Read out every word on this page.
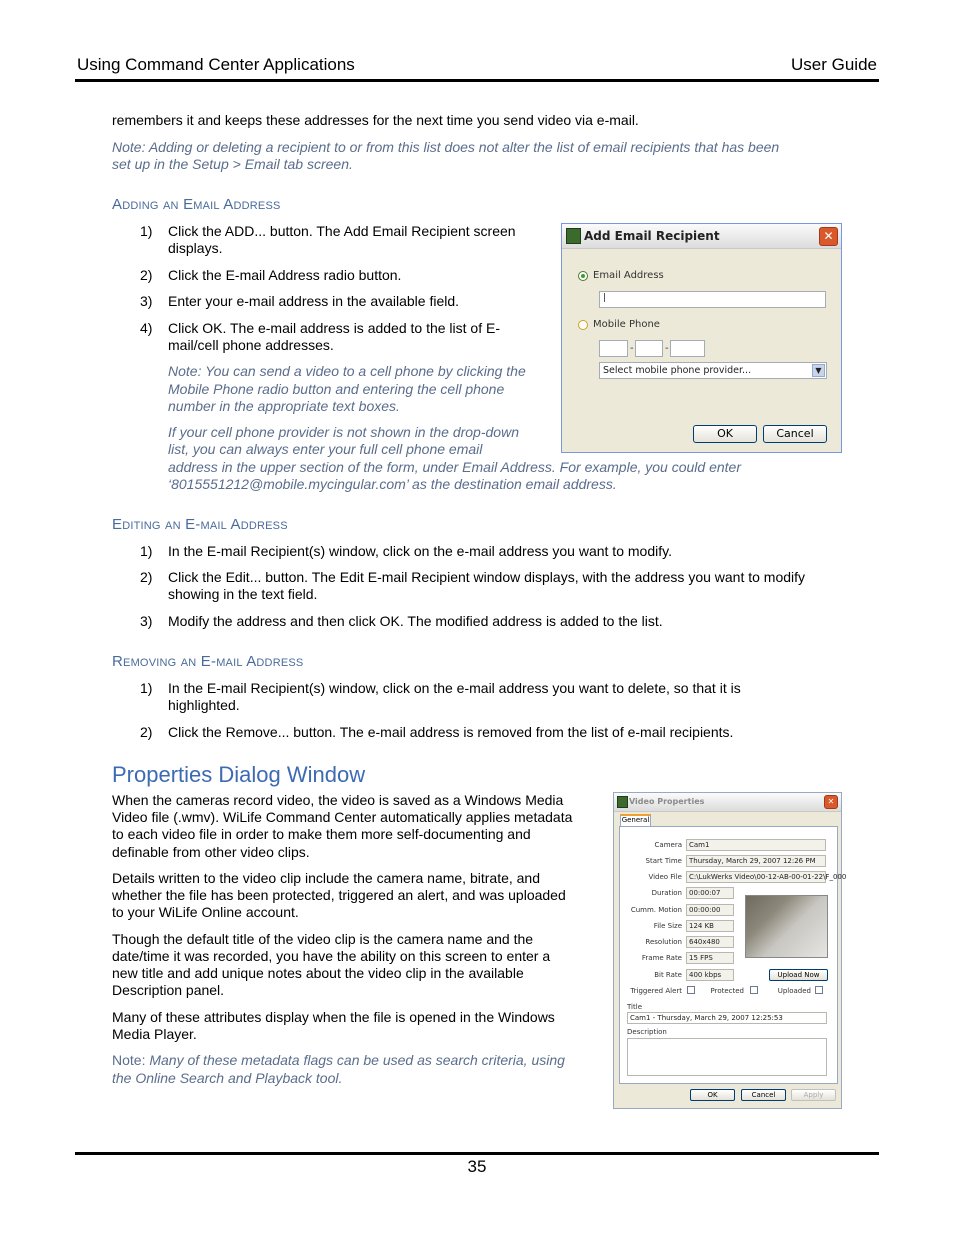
Using Command Center Applications	User Guide
remembers it and keeps these addresses for the next time you send video via e-mail.
Note: Adding or deleting a recipient to or from this list does not alter the list of email recipients that has been
set up in the Setup > Email tab screen.
Adding an Email Address
1) Click the ADD... button. The Add Email Recipient screen
displays.
2) Click the E-mail Address radio button.
3) Enter your e-mail address in the available field.
4) Click OK. The e-mail address is added to the list of E-
mail/cell phone addresses.
Note: You can send a video to a cell phone by clicking the
Mobile Phone radio button and entering the cell phone
number in the appropriate text boxes.
If your cell phone provider is not shown in the drop-down
list, you can always enter your full cell phone email
address in the upper section of the form, under Email Address. For example, you could enter
‘8015551212@mobile.mycingular.com’ as the destination email address.
Add Email Recipient	✕
Email Address
|
Mobile Phone
-	-
Select mobile phone provider...	▼
OK	Cancel
Editing an E-mail Address
1) In the E-mail Recipient(s) window, click on the e-mail address you want to modify.
2) Click the Edit... button. The Edit E-mail Recipient window displays, with the address you want to modify
showing in the text field.
3) Modify the address and then click OK. The modified address is added to the list.
Removing an E-mail Address
1) In the E-mail Recipient(s) window, click on the e-mail address you want to delete, so that it is
highlighted.
2) Click the Remove... button. The e-mail address is removed from the list of e-mail recipients.
Properties Dialog Window
When the cameras record video, the video is saved as a Windows Media
Video file (.wmv). WiLife Command Center automatically applies metadata
to each video file in order to make them more self-documenting and
definable from other video clips.
Details written to the video clip include the camera name, bitrate, and
whether the file has been protected, triggered an alert, and was uploaded
to your WiLife Online account.
Though the default title of the video clip is the camera name and the
date/time it was recorded, you have the ability on this screen to enter a
new title and add unique notes about the video clip in the available
Description panel.
Many of these attributes display when the file is opened in the Windows
Media Player.
Note: Many of these metadata flags can be used as search criteria, using
the Online Search and Playback tool.
Video Properties	✕
General
Camera	Cam1
Start Time	Thursday, March 29, 2007 12:26 PM
Video File	C:\LukWerks Video\00-12-AB-00-01-22\F_000
Duration	00:00:07
Cumm. Motion	00:00:00
File Size	124 KB
Resolution	640x480
Frame Rate	15 FPS
Bit Rate	400 kbps	Upload Now
Triggered Alert	Protected	Uploaded
Title
Cam1 - Thursday, March 29, 2007 12:25:53
Description
OK	Cancel	Apply
35
